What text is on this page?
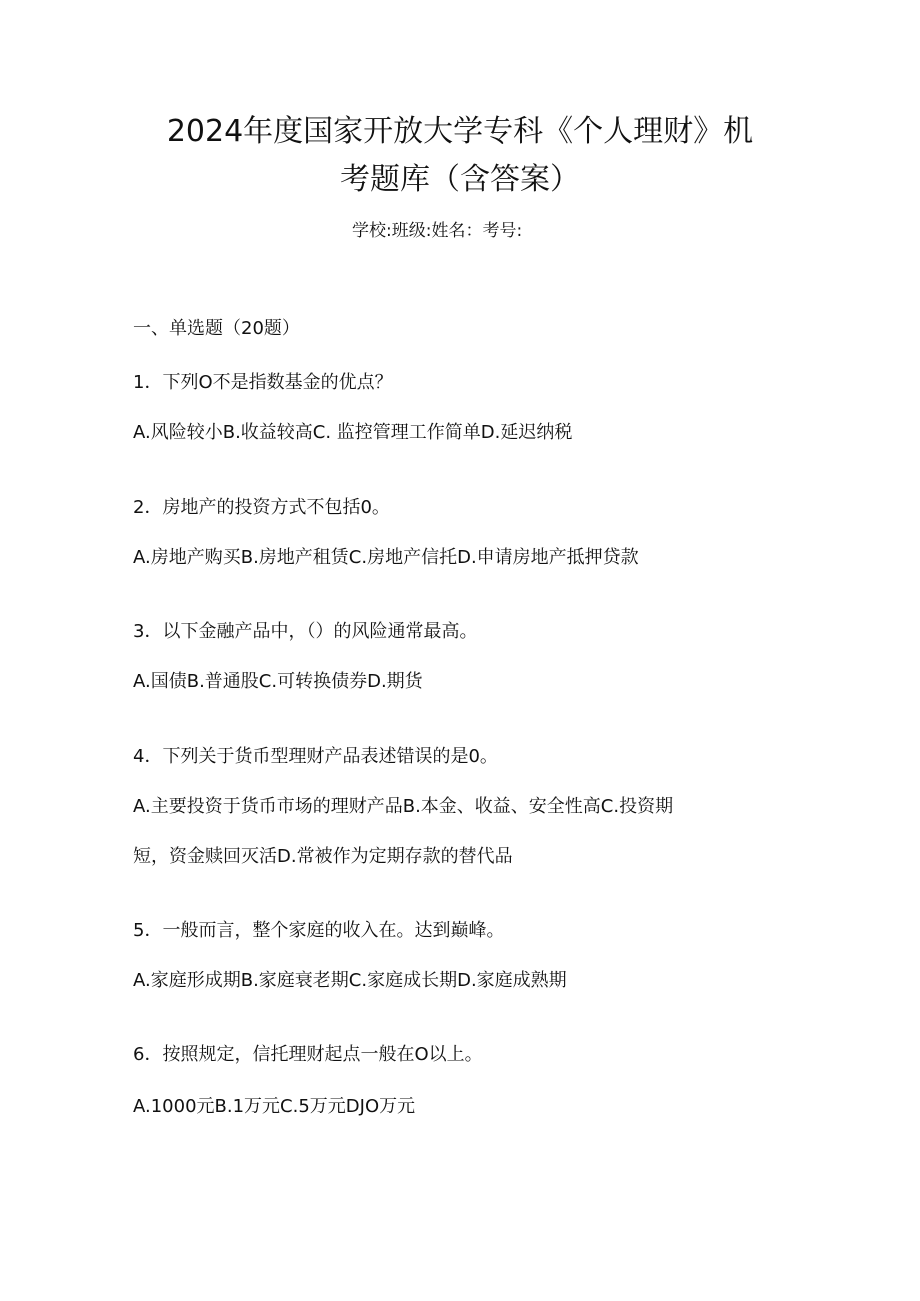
2024年度国家开放大学专科《个人理财》机
考题库（含答案）
学校:班级:姓名：考号:
一、单选题（20题）
1．下列O不是指数基金的优点？
A.风险较小B.收益较高C. 监控管理工作简单D.延迟纳税
2．房地产的投资方式不包括0。
A.房地产购买B.房地产租赁C.房地产信托D.申请房地产抵押贷款
3．以下金融产品中，（）的风险通常最高。
A.国债B.普通股C.可转换债券D.期货
4．下列关于货币型理财产品表述错误的是0。
A.主要投资于货币市场的理财产品B.本金、收益、安全性高C.投资期
短，资金赎回灭活D.常被作为定期存款的替代品
5．一般而言，整个家庭的收入在。达到巅峰。
A.家庭形成期B.家庭衰老期C.家庭成长期D.家庭成熟期
6．按照规定，信托理财起点一般在O以上。
A.1000元B.1万元C.5万元DJO万元
